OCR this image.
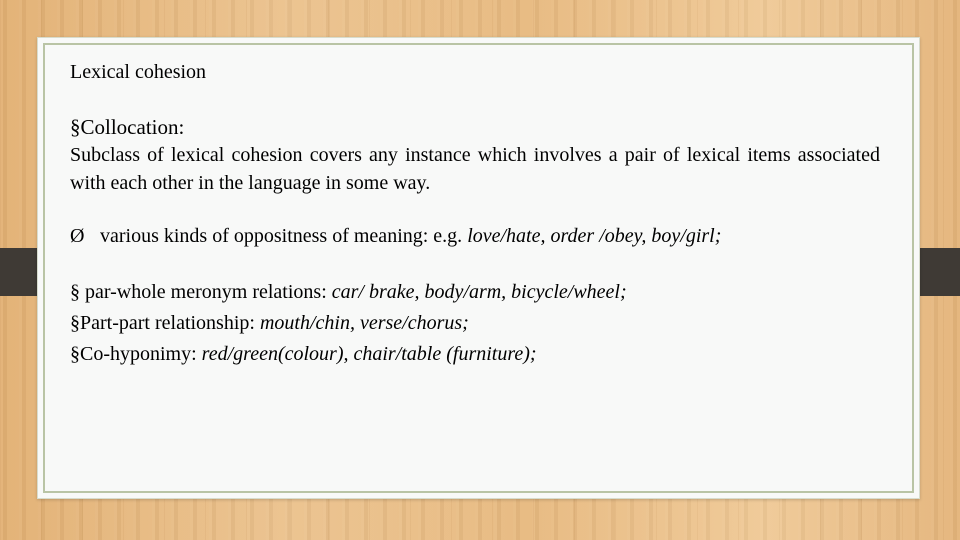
Lexical cohesion
§Collocation:

Subclass of lexical cohesion covers any instance which involves a pair of lexical items associated with each other in the language in some way.

Ø various kinds of oppositness of meaning: e.g. love/hate, order /obey, boy/girl;
§ par-whole meronym relations: car/ brake, body/arm, bicycle/wheel;
§Part-part relationship: mouth/chin, verse/chorus;
§Co-hyponimy: red/green(colour), chair/table (furniture);
